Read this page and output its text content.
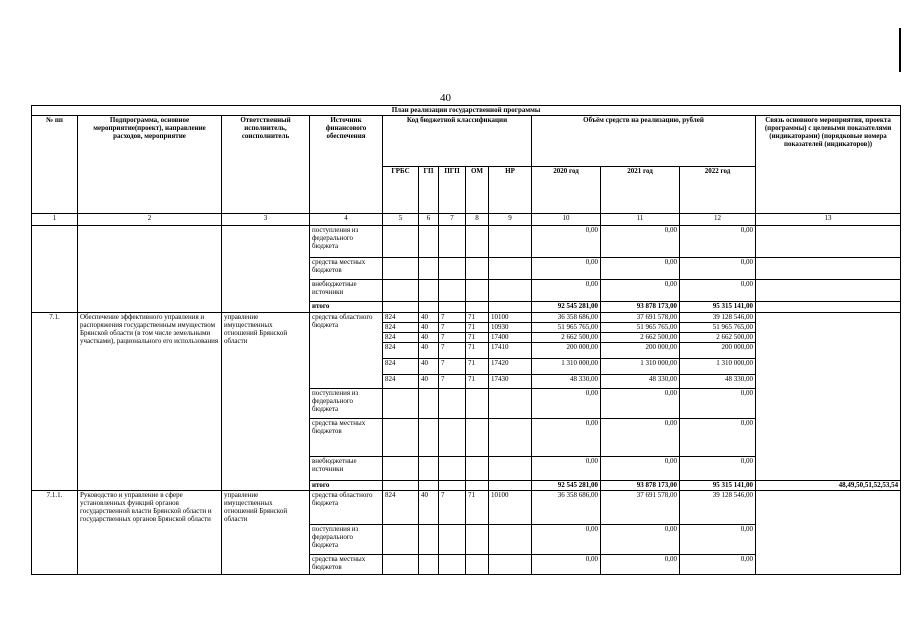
40
План реализации государственной программы												
№ пп	Подпрограмма, основное мероприятие(проект), направление расходов, мероприятие	Ответственный исполнитель, соисполнитель	Источник финансового обеспечения	Код бюджетной классификации					Объём средств на реализацию, рублей			Связь основного мероприятия, проекта (программы) с целевыми показателями (индикаторами) (порядковые номера показателей (индикаторов))
				ГРБС	ГП	ПГП	ОМ	НР	2020 год	2021 год	2022 год	
1	2	3	4	5	6	7	8	9	10	11	12	13
			поступления из федерального бюджета						0,00	0,00	0,00	
			средства местных бюджетов						0,00	0,00	0,00	
			внебюджетные источники						0,00	0,00	0,00	
			итого						92 545 281,00	93 878 173,00	95 315 141,00	
7.1.	Обеспечение эффективного управления и распоряжения государственным имуществом Брянской области (в том числе земельными участками), рационального его использования	управление имущественных отношений Брянской области	средства областного бюджета	824	40	7	71	10100	36 358 686,00	37 691 578,00	39 128 546,00	
				824	40	7	71	10930	51 965 765,00	51 965 765,00	51 965 765,00	
				824	40	7	71	17400	2 662 500,00	2 662 500,00	2 662 500,00	
				824	40	7	71	17410	200 000,00	200 000,00	200 000,00	
				824	40	7	71	17420	1 310 000,00	1 310 000,00	1 310 000,00	
				824	40	7	71	17430	48 330,00	48 330,00	48 330,00	
			поступления из федерального бюджета						0,00	0,00	0,00	
			средства местных бюджетов						0,00	0,00	0,00	
			внебюджетные источники						0,00	0,00	0,00	
			итого						92 545 281,00	93 878 173,00	95 315 141,00	48,49,50,51,52,53,54
7.1.1.	Руководство и управление в сфере установленных функций органов государственной власти Брянской области и государственных органов Брянской области	управление имущественных отношений Брянской области	средства областного бюджета	824	40	7	71	10100	36 358 686,00	37 691 578,00	39 128 546,00	
			поступления из федерального бюджета						0,00	0,00	0,00	
			средства местных бюджетов						0,00	0,00	0,00	
